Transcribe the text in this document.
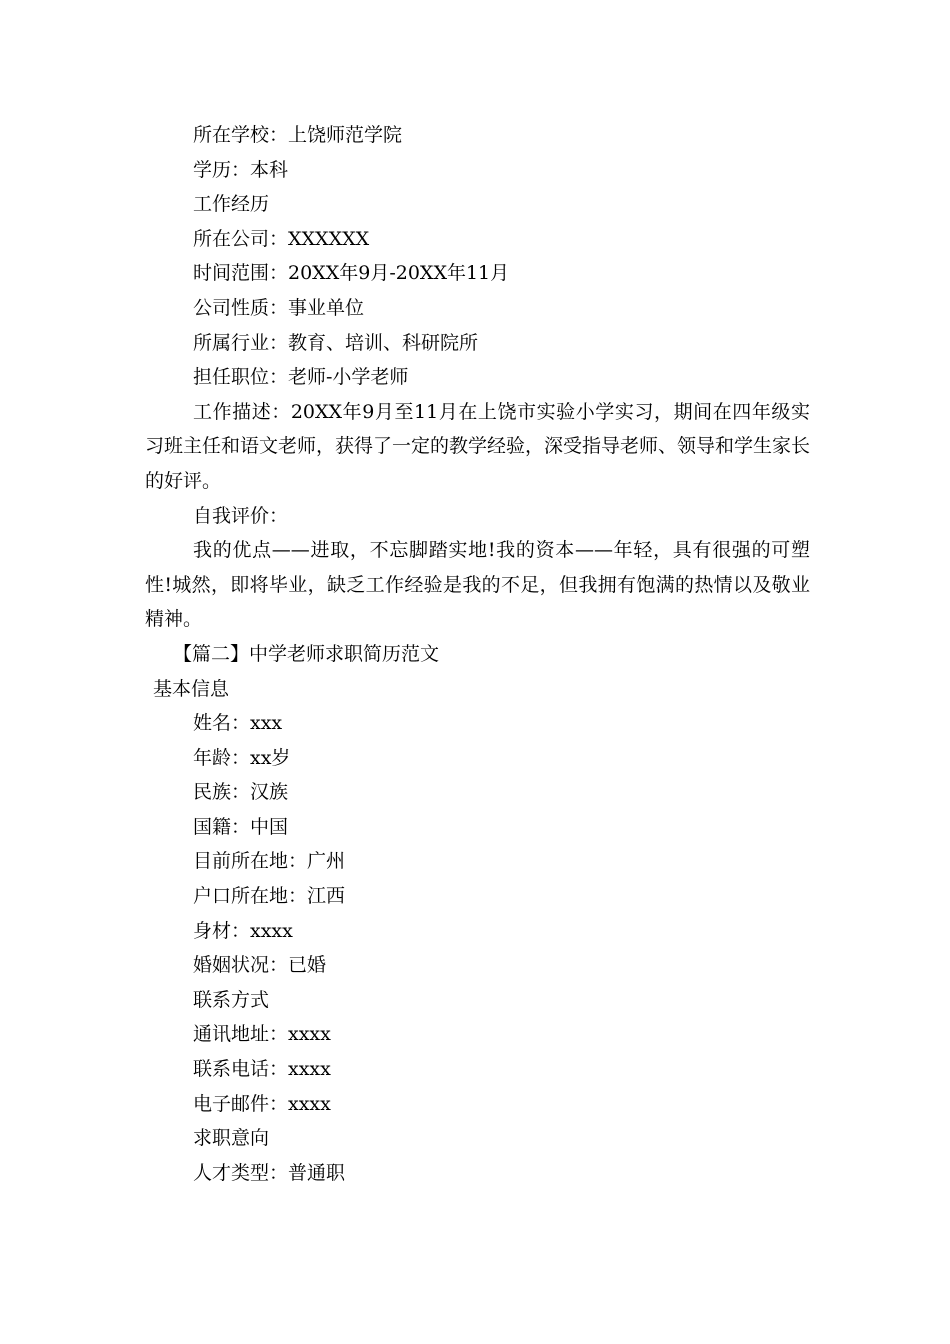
所在学校：上饶师范学院
学历：本科
工作经历
所在公司：XXXXXX
时间范围：20XX年9月-20XX年11月
公司性质：事业单位
所属行业：教育、培训、科研院所
担任职位：老师-小学老师
工作描述：20XX年9月至11月在上饶市实验小学实习，期间在四年级实习班主任和语文老师，获得了一定的教学经验，深受指导老师、领导和学生家长的好评。
自我评价：
我的优点——进取，不忘脚踏实地!我的资本——年轻，具有很强的可塑性!城然，即将毕业，缺乏工作经验是我的不足，但我拥有饱满的热情以及敬业精神。
【篇二】中学老师求职简历范文
基本信息
姓名：xxx
年龄：xx岁
民族：汉族
国籍：中国
目前所在地：广州
户口所在地：江西
身材：xxxx
婚姻状况：已婚
联系方式
通讯地址：xxxx
联系电话：xxxx
电子邮件：xxxx
求职意向
人才类型：普通职
